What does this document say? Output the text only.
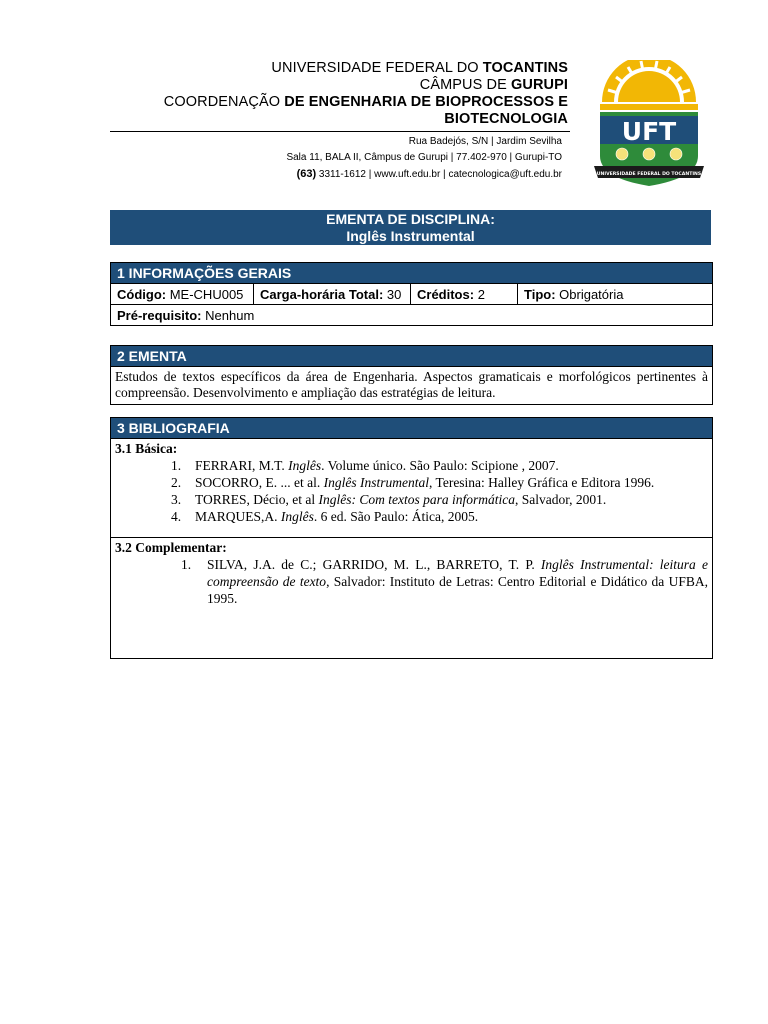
UNIVERSIDADE FEDERAL DO TOCANTINS
CÂMPUS DE GURUPI
COORDENAÇÃO DE ENGENHARIA DE BIOPROCESSOS E
BIOTECNOLOGIA
Rua Badejós, S/N | Jardim Sevilha
Sala 11, BALA II, Câmpus de Gurupi | 77.402-970 | Gurupi-TO
(63) 3311-1612 | www.uft.edu.br | catecnologica@uft.edu.br
UFT
UNIVERSIDADE FEDERAL DO TOCANTINS
EMENTA DE DISCIPLINA:
Inglês Instrumental
1 INFORMAÇÕES GERAIS
Código: ME-CHU005	Carga-horária Total: 30	Créditos: 2	Tipo: Obrigatória
Pré-requisito: Nenhum
2 EMENTA
Estudos de textos específicos da área de Engenharia. Aspectos gramaticais e morfológicos pertinentes à compreensão. Desenvolvimento e ampliação das estratégias de leitura.
3 BIBLIOGRAFIA
3.1 Básica:
1. FERRARI, M.T. Inglês. Volume único. São Paulo: Scipione , 2007.
2. SOCORRO, E. ... et al. Inglês Instrumental, Teresina: Halley Gráfica e Editora 1996.
3. TORRES, Décio, et al Inglês: Com textos para informática, Salvador, 2001.
4. MARQUES,A. Inglês. 6 ed. São Paulo: Ática, 2005.
3.2 Complementar:
1. SILVA, J.A. de C.; GARRIDO, M. L., BARRETO, T. P. Inglês Instrumental: leitura e compreensão de texto, Salvador: Instituto de Letras: Centro Editorial e Didático da UFBA, 1995.
